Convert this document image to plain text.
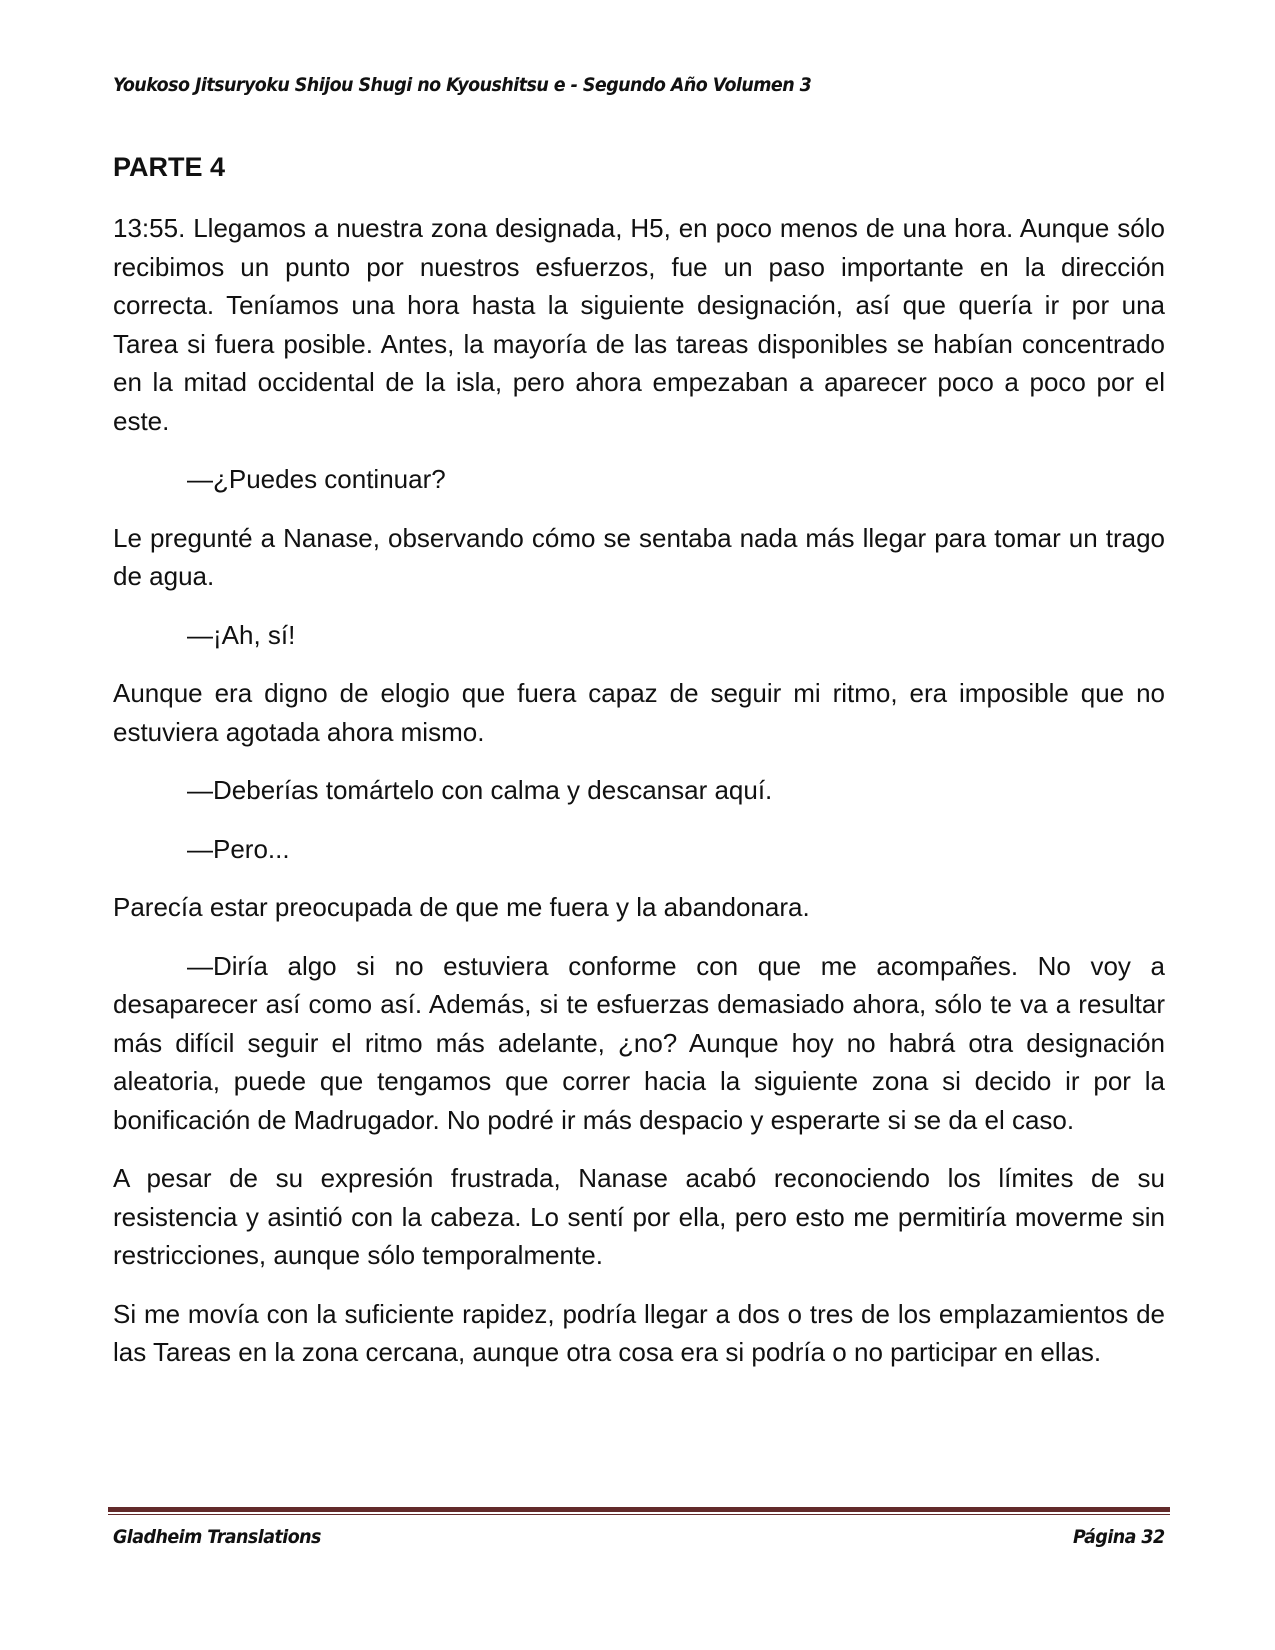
Youkoso Jitsuryoku Shijou Shugi no Kyoushitsu e - Segundo Año Volumen 3
PARTE 4

13:55. Llegamos a nuestra zona designada, H5, en poco menos de una hora. Aunque sólo recibimos un punto por nuestros esfuerzos, fue un paso importante en la dirección correcta. Teníamos una hora hasta la siguiente designación, así que quería ir por una Tarea si fuera posible. Antes, la mayoría de las tareas disponibles se habían concentrado en la mitad occidental de la isla, pero ahora empezaban a aparecer poco a poco por el este.

—¿Puedes continuar?

Le pregunté a Nanase, observando cómo se sentaba nada más llegar para tomar un trago de agua.

—¡Ah, sí!

Aunque era digno de elogio que fuera capaz de seguir mi ritmo, era imposible que no estuviera agotada ahora mismo.

—Deberías tomártelo con calma y descansar aquí.

—Pero...

Parecía estar preocupada de que me fuera y la abandonara.

—Diría algo si no estuviera conforme con que me acompañes. No voy a desaparecer así como así. Además, si te esfuerzas demasiado ahora, sólo te va a resultar más difícil seguir el ritmo más adelante, ¿no? Aunque hoy no habrá otra designación aleatoria, puede que tengamos que correr hacia la siguiente zona si decido ir por la bonificación de Madrugador. No podré ir más despacio y esperarte si se da el caso.

A pesar de su expresión frustrada, Nanase acabó reconociendo los límites de su resistencia y asintió con la cabeza. Lo sentí por ella, pero esto me permitiría moverme sin restricciones, aunque sólo temporalmente.

Si me movía con la suficiente rapidez, podría llegar a dos o tres de los emplazamientos de las Tareas en la zona cercana, aunque otra cosa era si podría o no participar en ellas.

Gladheim Translations	Página 32
